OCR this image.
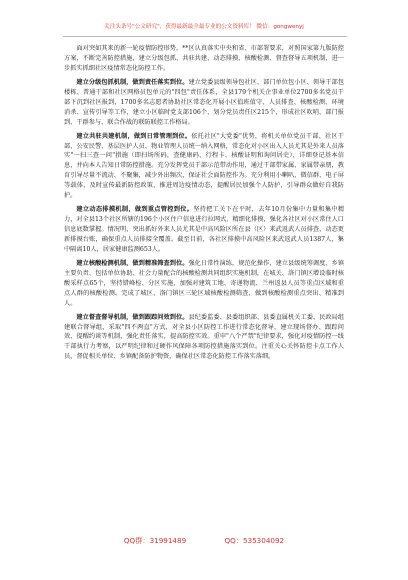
关注头条号"公文研究"，获得最新最全最专业的公文资料库！ 微信：gongwenyj

面对突如其来的新一轮疫情防控形势，**区认真落实中央和省、市部署要求，对照国家第九版防控方案，不断完善防控措施，建立分级包抓、共驻共建、动态排摸、核酸检测、督查督导五项机制，进一步抓实抓细社区疫情常态化防控工作。

建立分级包抓机制，做到责任落实到位。建立党委县级领导包社区、部门单位包小区、领导干部包楼栋、普通干部和社区网格员包单元的"四包"责任体系，全县179个机关企事业单位2700多名党员干部下沉到社区报到，1700多名志愿者协助社区常态化开展小区值班值守、人员排查、核酸检测、环境消杀、宣传引导等工作，建立小区临时党支部106个，划分党员责任区215个，形成社区吹哨、部门报到、干群参与、联合作战的联防联控工作格局。

建立共驻共建机制，做到日常管理到位。依托社区"大党委"优势，将机关单位党员干部、社区干部、公安民警、基层医护人员、物业管理人员统一纳入网格，常态化对小区出入人员尤其是外来人员落实"一扫三查一问"措施（即扫场所码，查健康码、行程卡、核酸证明和询问居史），详细登记基本信息，并向本人告知日常防控措施。充分发挥党员干部示范带动作用，通过干部带家属、家属带亲朋，教育引导尽量不流动、不聚集，减少外出频次，保证社会面防控作为。充分利用小喇叭、微信群、电子屏等载体，及时宣传最新防控政策，推进周边疫情动态，提醒居民加强个人防护，引导群众做好自我防护。

建立动态排摸机制，做到重点管控到位。坚持把工关下在平时，去年10月份集中力量和集中精力，对全县13个社区所辖的196个小区住户信息进行拉网式、精细化排摸，强化各社区对小区常住人口信息底数掌握。情况明，突出抓好外来人员尤其是中高风险区所在县（区）来武返武人员排查，动态更新排摸台账，确保重点人员排接全覆盖。截至目前，各社区排摸中高风险区来武返武人员1387人，集中隔离10人，居家健康监测653人。

建立核酸检测机制，做到精准筛查到位。强化日常性演练，规范化操作，建立县级统筹调度、乡镇主要负责、包括单位协助、社会力量配合的核酸检测共同组织实施机制，在城关、洛门镇区增设临时核酸采样点65个，坚持错峰检、分区实施，加强对建筑工地、寄递物流、兰州返县人员等重点区域和重点人群的核酸检测，完成了城区、洛门镇区三轮区域核酸检测筛查，做到核酸检测重点突出、精准到人。

建立督查督导机制，做到跟踪问效到位。县纪委监委、县委组织部、县委直属机关工委、民政局组建联合督导组，采取"四不两直"方式，对全县小区防控工作进行常态化督导，建立现场督办、跟踪问效、提醒约谈等机制，强化责任落实，提高防控实效。重申"八个严禁"纪律要求，强化对疫情防控一线干部执行力考察，以严明纪律和过硬作风保障各项防控措施落实到位。注重关心关怀防控卡点工作人员，督促相关单位、乡镇配备防护物资，确保社区常态化防控工作落实落细。

QQ群：31991489	QQ：535304092
